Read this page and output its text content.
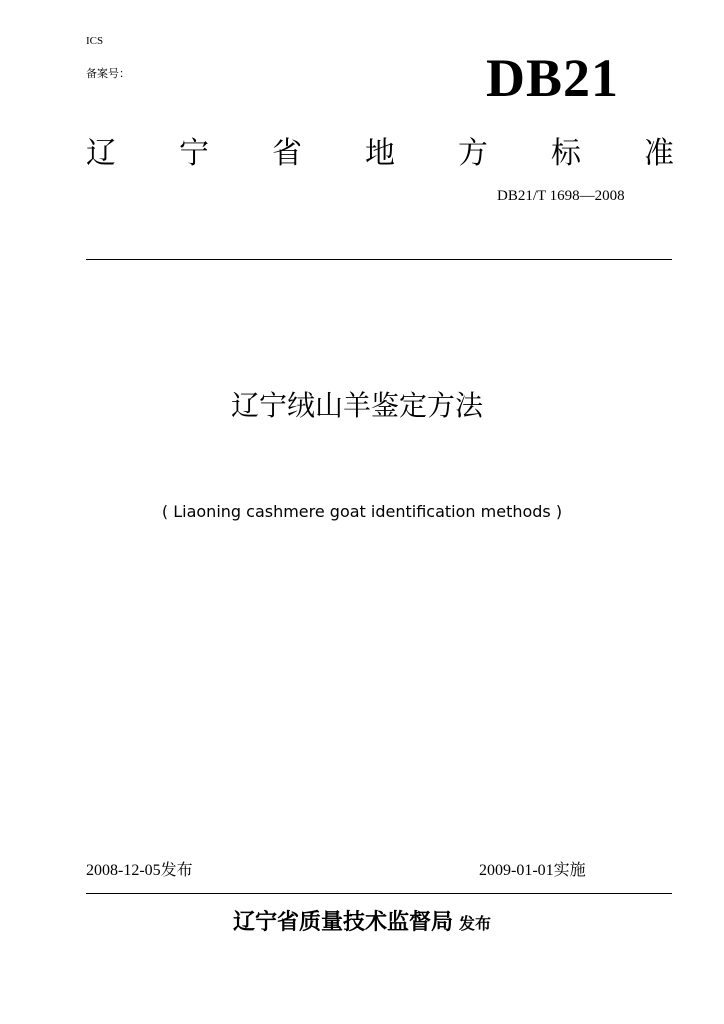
ICS
备案号：	DB21
辽 宁 省 地 方 标 准
DB21/T 1698—2008
辽宁绒山羊鉴定方法
( Liaoning cashmere goat identification methods )
2008-12-05发布	2009-01-01实施
辽宁省质量技术监督局 发布
